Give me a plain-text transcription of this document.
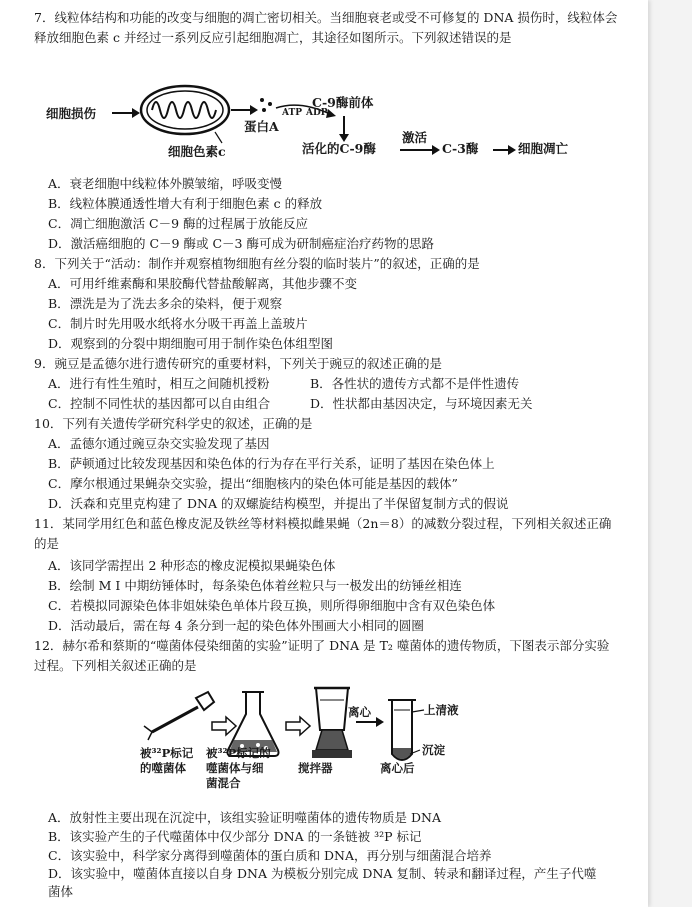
7．线粒体结构和功能的改变与细胞的凋亡密切相关。当细胞衰老或受不可修复的 DNA 损伤时，线粒体会释放细胞色素 c 并经过一系列反应引起细胞凋亡，其途径如图所示。下列叙述错误的是
细胞损伤
细胞色素c
ATP ADP
蛋白A
C-9酶前体
活化的C-9酶
激活
C-3酶	细胞凋亡
A．衰老细胞中线粒体外膜皱缩，呼吸变慢
B．线粒体膜通透性增大有利于细胞色素 c 的释放
C．凋亡细胞激活 C－9 酶的过程属于放能反应
D．激活癌细胞的 C－9 酶或 C－3 酶可成为研制癌症治疗药物的思路
8．下列关于“活动：制作并观察植物细胞有丝分裂的临时装片”的叙述，正确的是
A．可用纤维素酶和果胶酶代替盐酸解离，其他步骤不变
B．漂洗是为了洗去多余的染料，便于观察
C．制片时先用吸水纸将水分吸干再盖上盖玻片
D．观察到的分裂中期细胞可用于制作染色体组型图
9．豌豆是孟德尔进行遗传研究的重要材料，下列关于豌豆的叙述正确的是
A．进行有性生殖时，相互之间随机授粉	B．各性状的遗传方式都不是伴性遗传
C．控制不同性状的基因都可以自由组合	D．性状都由基因决定，与环境因素无关
10．下列有关遗传学研究科学史的叙述，正确的是
A．孟德尔通过豌豆杂交实验发现了基因
B．萨顿通过比较发现基因和染色体的行为存在平行关系，证明了基因在染色体上
C．摩尔根通过果蝇杂交实验，提出“细胞核内的染色体可能是基因的载体”
D．沃森和克里克构建了 DNA 的双螺旋结构模型，并提出了半保留复制方式的假说
11．某同学用红色和蓝色橡皮泥及铁丝等材料模拟雌果蝇（2n＝8）的减数分裂过程，下列相关叙述正确的是
A．该同学需捏出 2 种形态的橡皮泥模拟果蝇染色体
B．绘制 M Ⅰ 中期纺锤体时，每条染色体着丝粒只与一极发出的纺锤丝相连
C．若模拟同源染色体非姐妹染色单体片段互换，则所得卵细胞中含有双色染色体
D．活动最后，需在每 4 条分到一起的染色体外围画大小相同的圆圈
12．赫尔希和蔡斯的“噬菌体侵染细菌的实验”证明了 DNA 是 T₂ 噬菌体的遗传物质，下图表示部分实验过程。下列相关叙述正确的是
被³²P标记的噬菌体
被³²P标记的噬菌体与细菌混合
搅拌器
离心
离心后
上清液
沉淀
A．放射性主要出现在沉淀中，该组实验证明噬菌体的遗传物质是 DNA
B．该实验产生的子代噬菌体中仅少部分 DNA 的一条链被 ³²P 标记
C．该实验中，科学家分离得到噬菌体的蛋白质和 DNA，再分别与细菌混合培养
D．该实验中，噬菌体直接以自身 DNA 为模板分别完成 DNA 复制、转录和翻译过程，产生子代噬菌体
